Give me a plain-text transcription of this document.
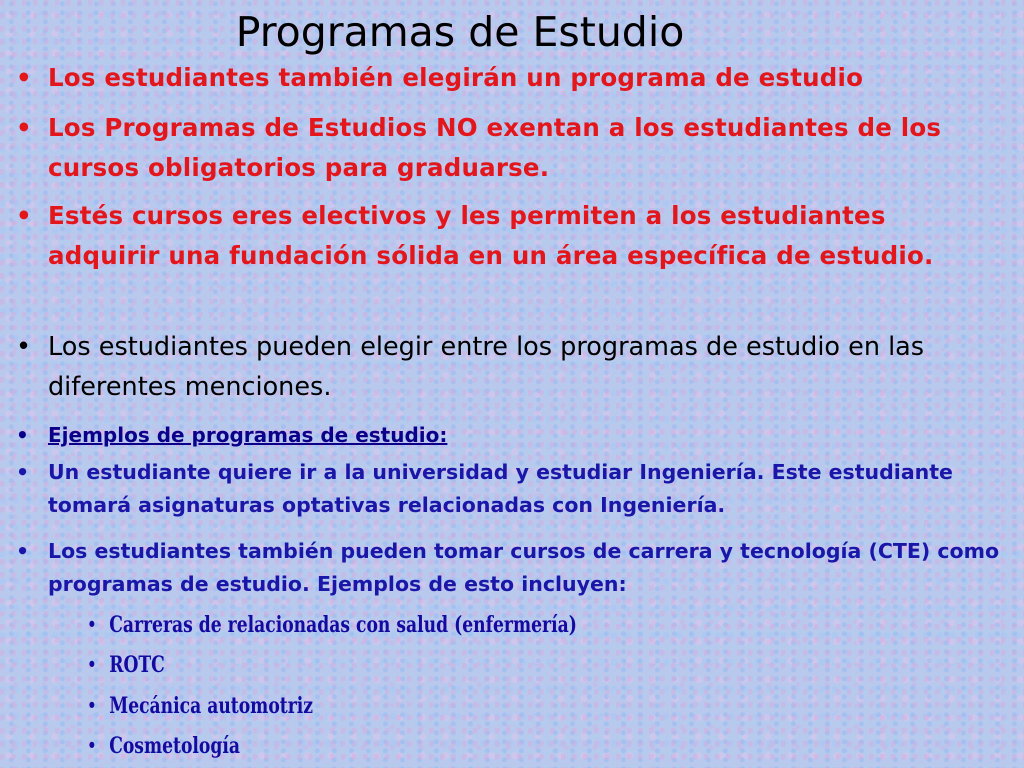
Programas de Estudio
• Los estudiantes también elegirán un programa de estudio
• Los Programas de Estudios NO exentan a los estudiantes de los cursos obligatorios para graduarse.
• Estés cursos eres electivos y les permiten a los estudiantes adquirir una fundación sólida en un área específica de estudio.
• Los estudiantes pueden elegir entre los programas de estudio en las diferentes menciones.
• Ejemplos de programas de estudio:
• Un estudiante quiere ir a la universidad y estudiar Ingeniería. Este estudiante tomará asignaturas optativas relacionadas con Ingeniería.
• Los estudiantes también pueden tomar cursos de carrera y tecnología (CTE) como programas de estudio. Ejemplos de esto incluyen:
• Carreras de relacionadas con salud (enfermería)
• ROTC
• Mecánica automotriz
• Cosmetología
